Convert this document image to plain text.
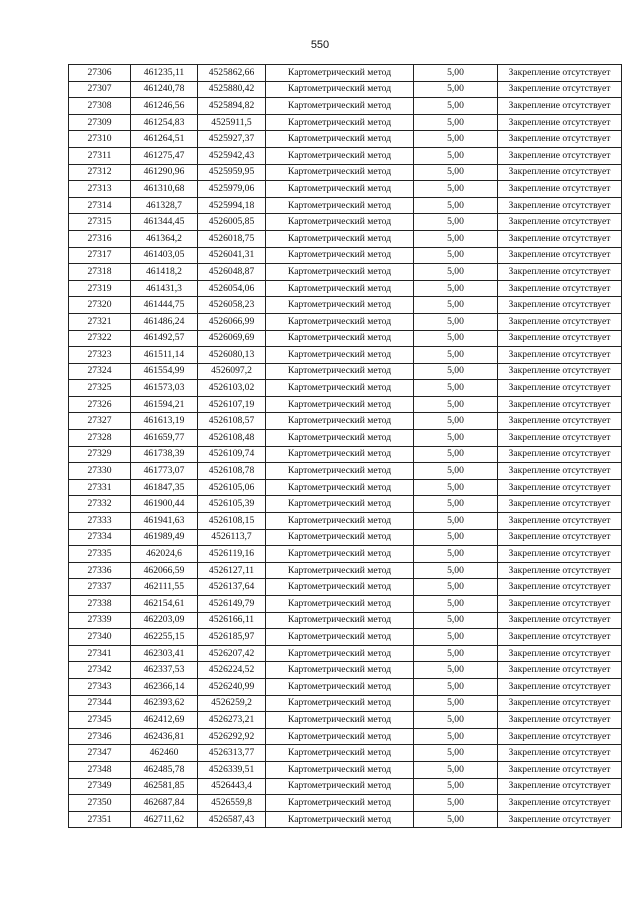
550
27306	461235,11	4525862,66	Картометрический метод	5,00	Закрепление отсутствует
27307	461240,78	4525880,42	Картометрический метод	5,00	Закрепление отсутствует
27308	461246,56	4525894,82	Картометрический метод	5,00	Закрепление отсутствует
27309	461254,83	4525911,5	Картометрический метод	5,00	Закрепление отсутствует
27310	461264,51	4525927,37	Картометрический метод	5,00	Закрепление отсутствует
27311	461275,47	4525942,43	Картометрический метод	5,00	Закрепление отсутствует
27312	461290,96	4525959,95	Картометрический метод	5,00	Закрепление отсутствует
27313	461310,68	4525979,06	Картометрический метод	5,00	Закрепление отсутствует
27314	461328,7	4525994,18	Картометрический метод	5,00	Закрепление отсутствует
27315	461344,45	4526005,85	Картометрический метод	5,00	Закрепление отсутствует
27316	461364,2	4526018,75	Картометрический метод	5,00	Закрепление отсутствует
27317	461403,05	4526041,31	Картометрический метод	5,00	Закрепление отсутствует
27318	461418,2	4526048,87	Картометрический метод	5,00	Закрепление отсутствует
27319	461431,3	4526054,06	Картометрический метод	5,00	Закрепление отсутствует
27320	461444,75	4526058,23	Картометрический метод	5,00	Закрепление отсутствует
27321	461486,24	4526066,99	Картометрический метод	5,00	Закрепление отсутствует
27322	461492,57	4526069,69	Картометрический метод	5,00	Закрепление отсутствует
27323	461511,14	4526080,13	Картометрический метод	5,00	Закрепление отсутствует
27324	461554,99	4526097,2	Картометрический метод	5,00	Закрепление отсутствует
27325	461573,03	4526103,02	Картометрический метод	5,00	Закрепление отсутствует
27326	461594,21	4526107,19	Картометрический метод	5,00	Закрепление отсутствует
27327	461613,19	4526108,57	Картометрический метод	5,00	Закрепление отсутствует
27328	461659,77	4526108,48	Картометрический метод	5,00	Закрепление отсутствует
27329	461738,39	4526109,74	Картометрический метод	5,00	Закрепление отсутствует
27330	461773,07	4526108,78	Картометрический метод	5,00	Закрепление отсутствует
27331	461847,35	4526105,06	Картометрический метод	5,00	Закрепление отсутствует
27332	461900,44	4526105,39	Картометрический метод	5,00	Закрепление отсутствует
27333	461941,63	4526108,15	Картометрический метод	5,00	Закрепление отсутствует
27334	461989,49	4526113,7	Картометрический метод	5,00	Закрепление отсутствует
27335	462024,6	4526119,16	Картометрический метод	5,00	Закрепление отсутствует
27336	462066,59	4526127,11	Картометрический метод	5,00	Закрепление отсутствует
27337	462111,55	4526137,64	Картометрический метод	5,00	Закрепление отсутствует
27338	462154,61	4526149,79	Картометрический метод	5,00	Закрепление отсутствует
27339	462203,09	4526166,11	Картометрический метод	5,00	Закрепление отсутствует
27340	462255,15	4526185,97	Картометрический метод	5,00	Закрепление отсутствует
27341	462303,41	4526207,42	Картометрический метод	5,00	Закрепление отсутствует
27342	462337,53	4526224,52	Картометрический метод	5,00	Закрепление отсутствует
27343	462366,14	4526240,99	Картометрический метод	5,00	Закрепление отсутствует
27344	462393,62	4526259,2	Картометрический метод	5,00	Закрепление отсутствует
27345	462412,69	4526273,21	Картометрический метод	5,00	Закрепление отсутствует
27346	462436,81	4526292,92	Картометрический метод	5,00	Закрепление отсутствует
27347	462460	4526313,77	Картометрический метод	5,00	Закрепление отсутствует
27348	462485,78	4526339,51	Картометрический метод	5,00	Закрепление отсутствует
27349	462581,85	4526443,4	Картометрический метод	5,00	Закрепление отсутствует
27350	462687,84	4526559,8	Картометрический метод	5,00	Закрепление отсутствует
27351	462711,62	4526587,43	Картометрический метод	5,00	Закрепление отсутствует
